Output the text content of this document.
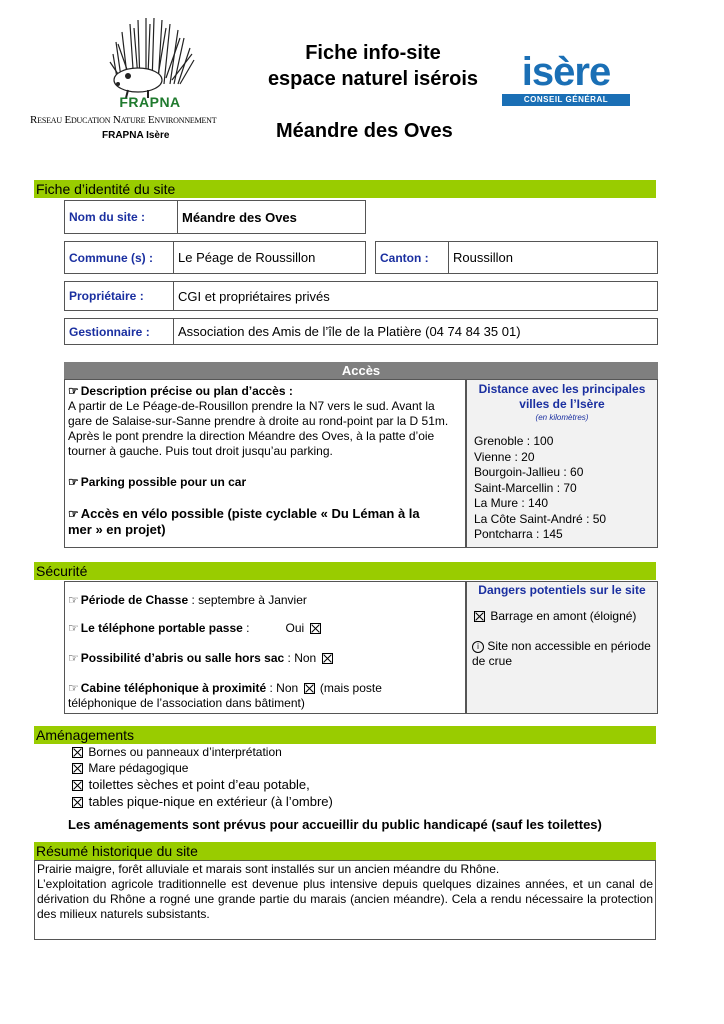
FRAPNA
Reseau Education Nature Environnement
FRAPNA Isère
Fiche info-site
espace naturel isérois
Méandre des Oves
isère
CONSEIL GÉNÉRAL
Fiche d’identité du site
Nom du site :	Méandre des Oves
Commune (s) :	Le Péage de Roussillon	Canton :	Roussillon
Propriétaire :	CGI et propriétaires privés
Gestionnaire :	Association des Amis de l’île de la Platière (04 74 84 35 01)
Accès
☞ Description précise ou plan d’accès :
A partir de Le Péage-de-Rousillon prendre la N7 vers le sud. Avant la
gare de Salaise-sur-Sanne prendre à droite au rond-point par la D 51m.
Après le pont prendre la direction Méandre des Oves, à la patte d’oie
tourner à gauche. Puis tout droit jusqu’au parking.
☞ Parking possible pour un car
☞ Accès en vélo possible (piste cyclable « Du Léman à la
mer » en projet)
Distance avec les principales
villes de l’Isère
(en kilomètres)
Grenoble : 100
Vienne : 20
Bourgoin-Jallieu : 60
Saint-Marcellin : 70
La Mure : 140
La Côte Saint-André : 50
Pontcharra : 145
Sécurité
☞ Période de Chasse : septembre à Janvier
☞ Le téléphone portable passe :	Oui
☞ Possibilité d’abris ou salle hors sac : Non
☞ Cabine téléphonique à proximité : Non (mais poste
téléphonique de l’association dans bâtiment)
Dangers potentiels sur le site
Barrage en amont (éloigné)
i Site non accessible en période
de crue
Aménagements
Bornes ou panneaux d’interprétation
Mare pédagogique
toilettes sèches et point d’eau potable,
tables pique-nique en extérieur (à l’ombre)
Les aménagements sont prévus pour accueillir du public handicapé (sauf les toilettes)
Résumé historique du site
Prairie maigre, forêt alluviale et marais sont installés sur un ancien méandre du Rhône.
L’exploitation agricole traditionnelle est devenue plus intensive depuis quelques dizaines années, et un canal de dérivation du Rhône a rogné une grande partie du marais (ancien méandre). Cela a rendu nécessaire la protection des milieux naturels subsistants.
